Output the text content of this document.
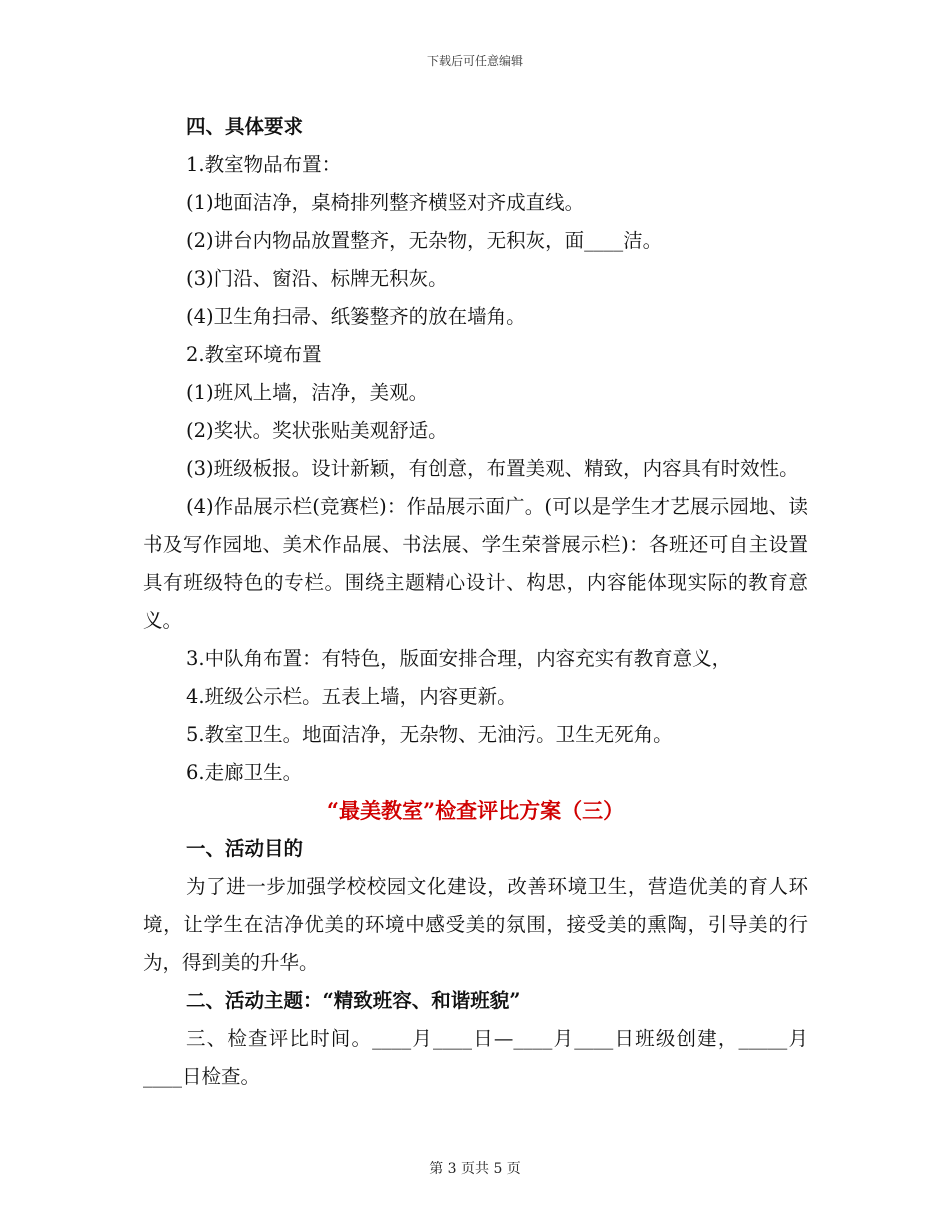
下载后可任意编辑
四、具体要求
1.教室物品布置：
(1)地面洁净，桌椅排列整齐横竖对齐成直线。
(2)讲台内物品放置整齐，无杂物，无积灰，面____洁。
(3)门沿、窗沿、标牌无积灰。
(4)卫生角扫帚、纸篓整齐的放在墙角。
2.教室环境布置
(1)班风上墙，洁净，美观。
(2)奖状。奖状张贴美观舒适。
(3)班级板报。设计新颖，有创意，布置美观、精致，内容具有时效性。
(4)作品展示栏(竞赛栏)：作品展示面广。(可以是学生才艺展示园地、读书及写作园地、美术作品展、书法展、学生荣誉展示栏)：各班还可自主设置具有班级特色的专栏。围绕主题精心设计、构思，内容能体现实际的教育意义。
3.中队角布置：有特色，版面安排合理，内容充实有教育意义，
4.班级公示栏。五表上墙，内容更新。
5.教室卫生。地面洁净，无杂物、无油污。卫生无死角。
6.走廊卫生。
“最美教室”检查评比方案（三）
一、活动目的
为了进一步加强学校校园文化建设，改善环境卫生，营造优美的育人环境，让学生在洁净优美的环境中感受美的氛围，接受美的熏陶，引导美的行为，得到美的升华。
二、活动主题：“精致班容、和谐班貌”
三、检查评比时间。____月____日—____月____日班级创建，_____月____日检查。
第 3 页共 5 页
